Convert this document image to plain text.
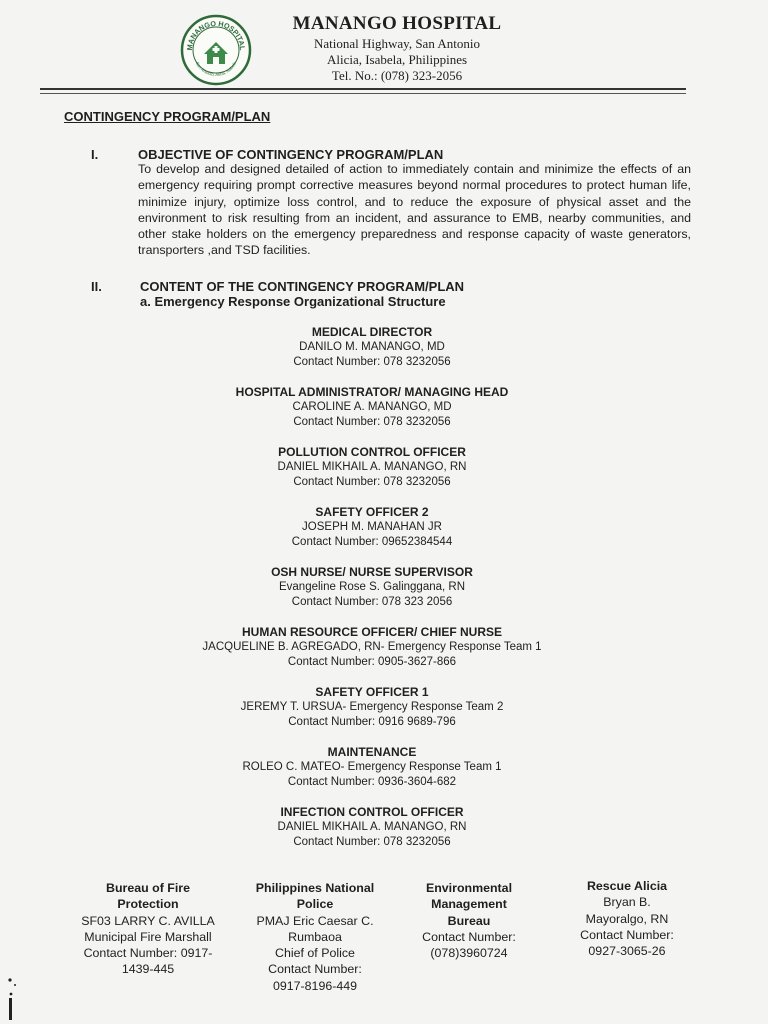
MANANGO HOSPITAL
San Antonio, Alicia, Isabela
MANANGO HOSPITAL
National Highway, San Antonio
Alicia, Isabela, Philippines
Tel. No.: (078) 323-2056
CONTINGENCY PROGRAM/PLAN
I.	OBJECTIVE OF CONTINGENCY PROGRAM/PLAN
To develop and designed detailed of action to immediately contain and minimize the effects of an emergency requiring prompt corrective measures beyond normal procedures to protect human life, minimize injury, optimize loss control, and to reduce the exposure of physical asset and the environment to risk resulting from an incident, and assurance to EMB, nearby communities, and other stake holders on the emergency preparedness and response capacity of waste generators, transporters ,and TSD facilities.
II.	CONTENT OF THE CONTINGENCY PROGRAM/PLAN
a. Emergency Response Organizational Structure
MEDICAL DIRECTOR
DANILO M. MANANGO, MD
Contact Number: 078 3232056
HOSPITAL ADMINISTRATOR/ MANAGING HEAD
CAROLINE A. MANANGO, MD
Contact Number: 078 3232056
POLLUTION CONTROL OFFICER
DANIEL MIKHAIL A. MANANGO, RN
Contact Number: 078 3232056
SAFETY OFFICER 2
JOSEPH M. MANAHAN JR
Contact Number: 09652384544
OSH NURSE/ NURSE SUPERVISOR
Evangeline Rose S. Galinggana, RN
Contact Number: 078 323 2056
HUMAN RESOURCE OFFICER/ CHIEF NURSE
JACQUELINE B. AGREGADO, RN- Emergency Response Team 1
Contact Number: 0905-3627-866
SAFETY OFFICER 1
JEREMY T. URSUA- Emergency Response Team 2
Contact Number: 0916 9689-796
MAINTENANCE
ROLEO C. MATEO- Emergency Response Team 1
Contact Number: 0936-3604-682
INFECTION CONTROL OFFICER
DANIEL MIKHAIL A. MANANGO, RN
Contact Number: 078 3232056
Bureau of Fire
Protection
SF03 LARRY C. AVILLA
Municipal Fire Marshall
Contact Number: 0917-
1439-445
Philippines National
Police
PMAJ Eric Caesar C.
Rumbaoa
Chief of Police
Contact Number:
0917-8196-449
Environmental
Management
Bureau
Contact Number:
(078)3960724
Rescue Alicia
Bryan B.
Mayoralgo, RN
Contact Number:
0927-3065-26
